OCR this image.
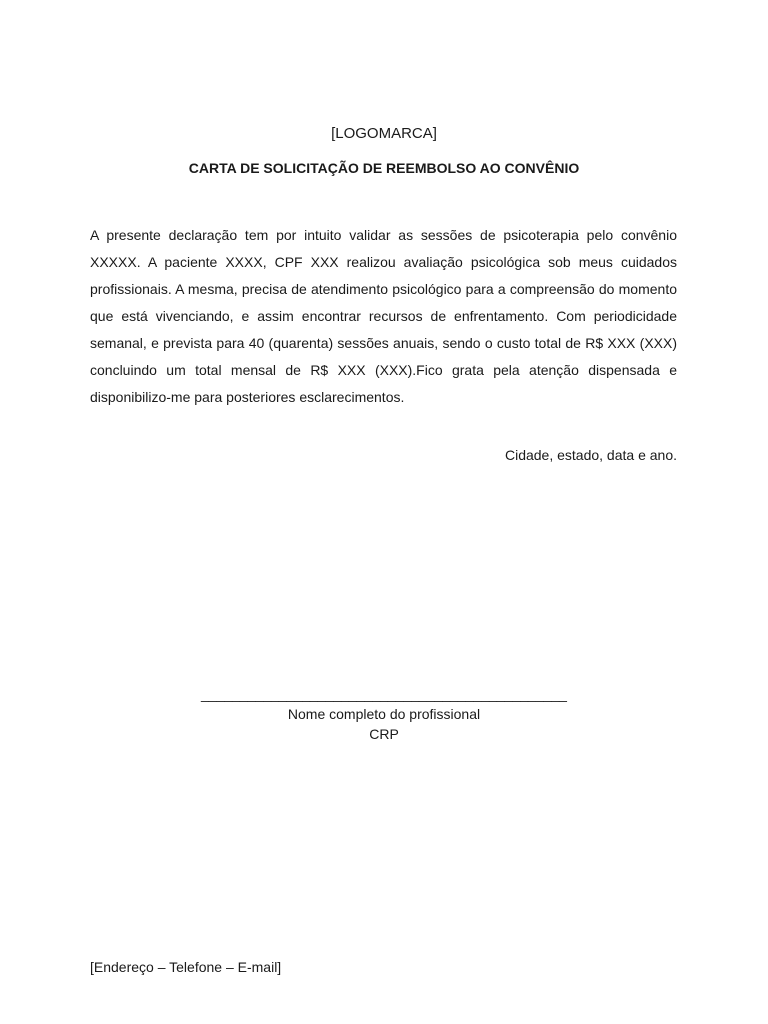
[LOGOMARCA]
CARTA DE SOLICITAÇÃO DE REEMBOLSO AO CONVÊNIO

A presente declaração tem por intuito validar as sessões de psicoterapia pelo convênio XXXXX. A paciente XXXX, CPF XXX realizou avaliação psicológica sob meus cuidados profissionais. A mesma, precisa de atendimento psicológico para a compreensão do momento que está vivenciando, e assim encontrar recursos de enfrentamento. Com periodicidade semanal, e prevista para 40 (quarenta) sessões anuais, sendo o custo total de R$ XXX (XXX) concluindo um total mensal de R$ XXX (XXX).Fico grata pela atenção dispensada e disponibilizo-me para posteriores esclarecimentos.

Cidade, estado, data e ano.
_______________________________________________
Nome completo do profissional
CRP
[Endereço – Telefone – E-mail]
